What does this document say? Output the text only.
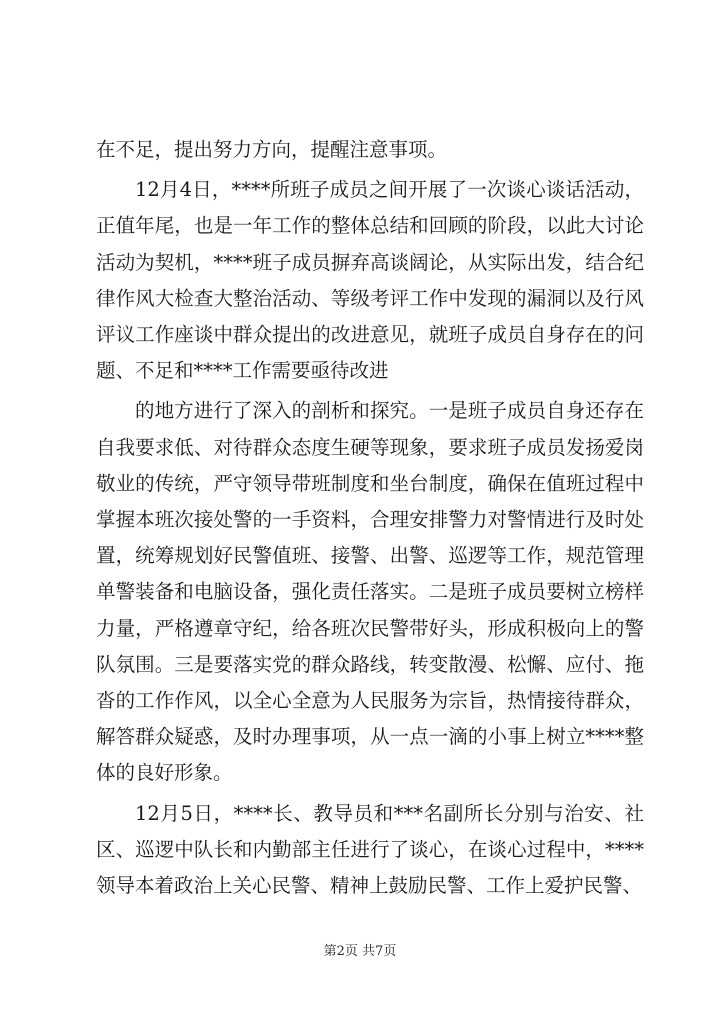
在不足，提出努力方向，提醒注意事项。

12月4日，****所班子成员之间开展了一次谈心谈话活动，正值年尾，也是一年工作的整体总结和回顾的阶段，以此大讨论活动为契机，****班子成员摒弃高谈阔论，从实际出发，结合纪律作风大检查大整治活动、等级考评工作中发现的漏洞以及行风评议工作座谈中群众提出的改进意见，就班子成员自身存在的问题、不足和****工作需要亟待改进

的地方进行了深入的剖析和探究。一是班子成员自身还存在自我要求低、对待群众态度生硬等现象，要求班子成员发扬爱岗敬业的传统，严守领导带班制度和坐台制度，确保在值班过程中掌握本班次接处警的一手资料，合理安排警力对警情进行及时处置，统筹规划好民警值班、接警、出警、巡逻等工作，规范管理单警装备和电脑设备，强化责任落实。二是班子成员要树立榜样力量，严格遵章守纪，给各班次民警带好头，形成积极向上的警队氛围。三是要落实党的群众路线，转变散漫、松懈、应付、拖沓的工作作风，以全心全意为人民服务为宗旨，热情接待群众，解答群众疑惑，及时办理事项，从一点一滴的小事上树立****整体的良好形象。

12月5日，****长、教导员和***名副所长分别与治安、社区、巡逻中队长和内勤部主任进行了谈心，在谈心过程中，****领导本着政治上关心民警、精神上鼓励民警、工作上爱护民警、

第2页 共7页
